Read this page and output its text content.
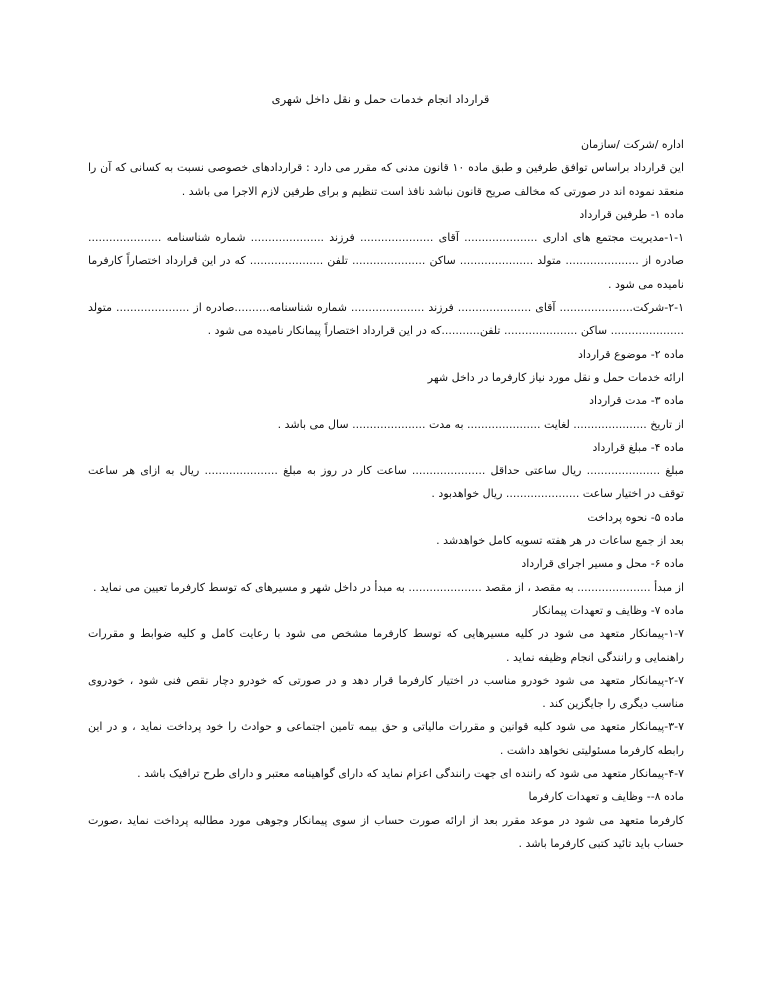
قرارداد انجام خدمات حمل و نقل داخل شهری

اداره /شرکت /سازمان

این قرارداد براساس توافق طرفین و طبق ماده ۱۰ قانون مدنی که مقرر می دارد : قراردادهای خصوصی نسبت به کسانی که آن را منعقد نموده اند در صورتی که مخالف صریح قانون نباشد نافذ است تنظیم و برای طرفین لازم الاجرا می باشد .

ماده ۱- طرفین قرارداد

۱-۱-مدیریت مجتمع های اداری ..................... آقای ..................... فرزند ..................... شماره شناسنامه ..................... صادره از ..................... متولد ..................... ساکن ..................... تلفن ..................... که در این قرارداد اختصاراً کارفرما نامیده می شود .

۲-۱-شرکت..................... آقای ..................... فرزند ..................... شماره شناسنامه..........صادره از ..................... متولد ..................... ساکن ..................... تلفن...........که در این قرارداد اختصاراً پیمانکار نامیده می شود .

ماده ۲- موضوع قرارداد

ارائه خدمات حمل و نقل مورد نیاز کارفرما در داخل شهر

ماده ۳- مدت قرارداد

از تاریخ ..................... لغایت ..................... به مدت ..................... سال می باشد .

ماده ۴- مبلغ قرارداد

مبلغ ..................... ریال ساعتی حداقل ..................... ساعت کار در روز به مبلغ ..................... ریال به ازای هر ساعت توقف در اختیار ساعت ..................... ریال خواهدبود .

ماده ۵- نحوه پرداخت

بعد از جمع ساعات در هر هفته تسویه کامل خواهدشد .

ماده ۶- محل و مسیر اجرای قرارداد

از مبدأ ..................... به مقصد ، از مقصد ..................... به مبدأ در داخل شهر و مسیرهای که توسط کارفرما تعیین می نماید .

ماده ۷- وظایف و تعهدات پیمانکار

۱-۷-پیمانکار متعهد می شود در کلیه مسیرهایی که توسط کارفرما مشخص می شود با رعایت کامل و کلیه ضوابط و مقررات راهنمایی و رانندگی انجام وظیفه نماید .

۲-۷-پیمانکار متعهد می شود خودرو مناسب در اختیار کارفرما قرار دهد و در صورتی که خودرو دچار نقص فنی شود ، خودروی مناسب دیگری را جایگزین کند .

۳-۷-پیمانکار متعهد می شود کلیه قوانین و مقررات مالیاتی و حق بیمه تامین اجتماعی و حوادث را خود پرداخت نماید ، و در این رابطه کارفرما مسئولیتی نخواهد داشت .

۴-۷-پیمانکار متعهد می شود که راننده ای جهت رانندگی اعزام نماید که دارای گواهینامه معتبر و دارای طرح ترافیک باشد .

ماده ۸-- وظایف و تعهدات کارفرما

کارفرما متعهد می شود در موعد مقرر بعد از ارائه صورت حساب از سوی پیمانکار وجوهی مورد مطالبه پرداخت نماید ،صورت حساب باید تائید کتبی کارفرما باشد .
